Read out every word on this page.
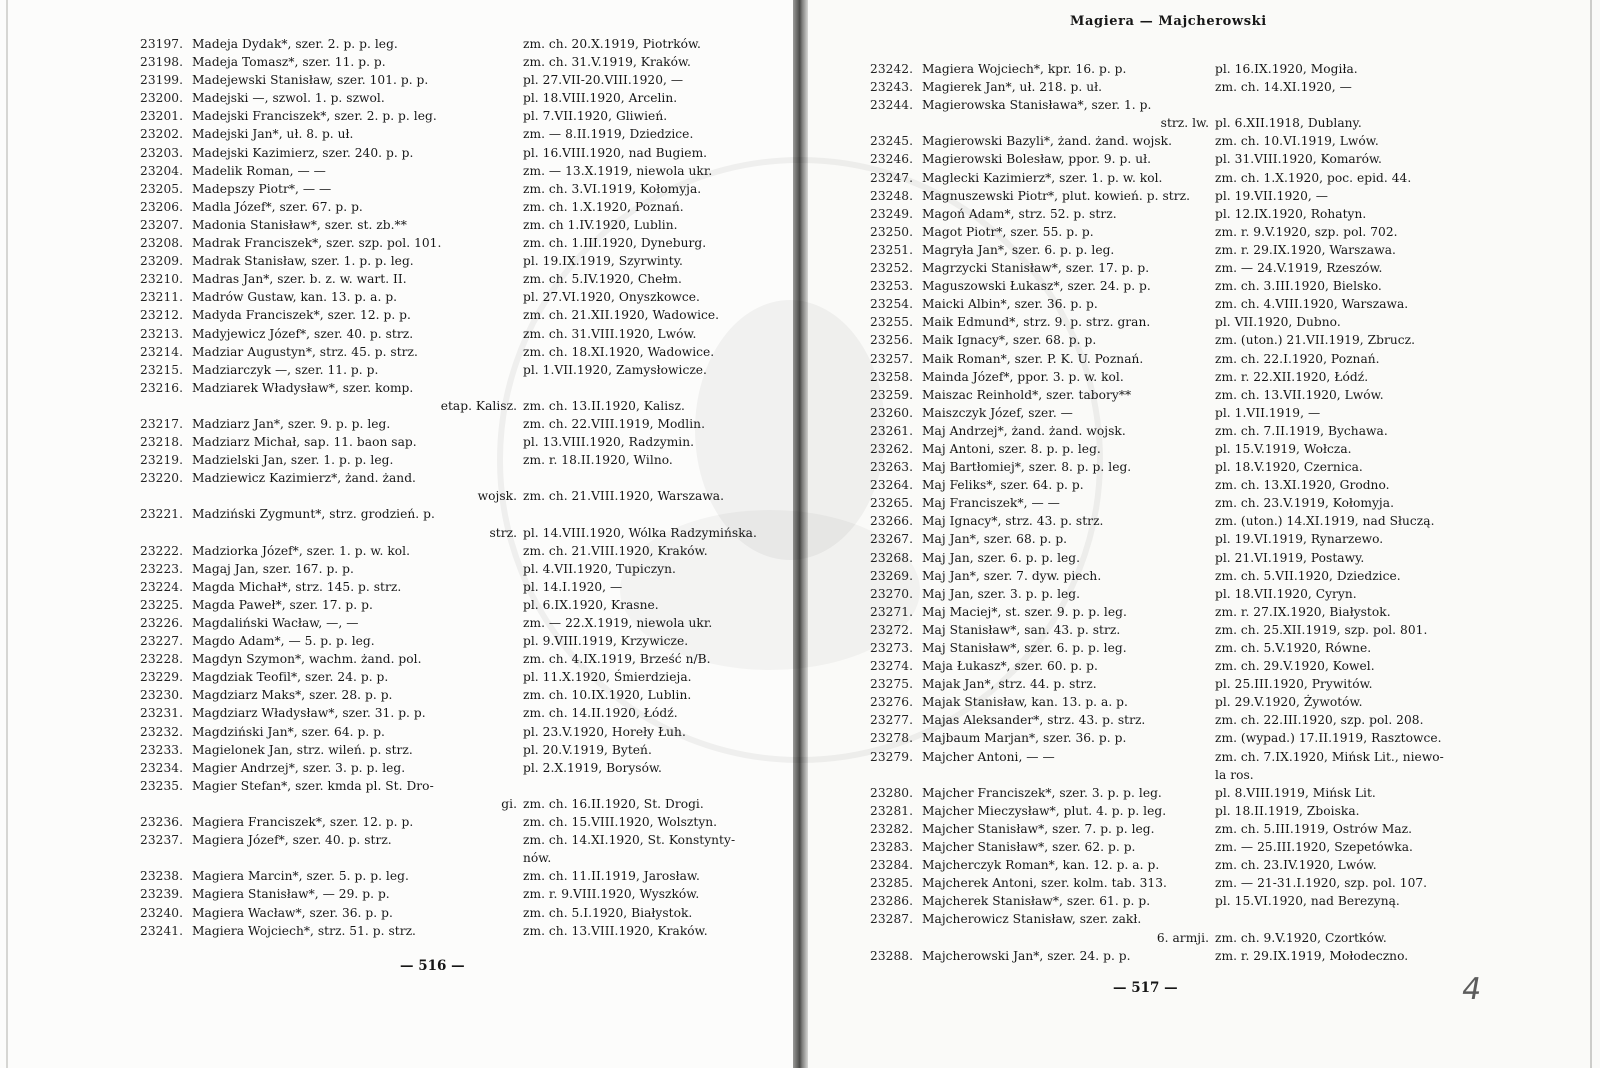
23197. Madeja Dydak*, szer. 2. p. p. leg.	zm. ch. 20.X.1919, Piotrków.
23198. Madeja Tomasz*, szer. 11. p. p.	zm. ch. 31.V.1919, Kraków.
23199. Madejewski Stanisław, szer. 101. p. p.	pl. 27.VII-20.VIII.1920, —
23200. Madejski —, szwol. 1. p. szwol.	pl. 18.VIII.1920, Arcelin.
23201. Madejski Franciszek*, szer. 2. p. p. leg.	pl. 7.VII.1920, Gliwień.
23202. Madejski Jan*, uł. 8. p. uł.	zm. — 8.II.1919, Dziedzice.
23203. Madejski Kazimierz, szer. 240. p. p.	pl. 16.VIII.1920, nad Bugiem.
23204. Madelik Roman, — —	zm. — 13.X.1919, niewola ukr.
23205. Madepszy Piotr*, — —	zm. ch. 3.VI.1919, Kołomyja.
23206. Madla Józef*, szer. 67. p. p.	zm. ch. 1.X.1920, Poznań.
23207. Madonia Stanisław*, szer. st. zb.**	zm. ch 1.IV.1920, Lublin.
23208. Madrak Franciszek*, szer. szp. pol. 101.	zm. ch. 1.III.1920, Dyneburg.
23209. Madrak Stanisław, szer. 1. p. p. leg.	pl. 19.IX.1919, Szyrwinty.
23210. Madras Jan*, szer. b. z. w. wart. II.	zm. ch. 5.IV.1920, Chełm.
23211. Madrów Gustaw, kan. 13. p. a. p.	pl. 27.VI.1920, Onyszkowce.
23212. Madyda Franciszek*, szer. 12. p. p.	zm. ch. 21.XII.1920, Wadowice.
23213. Madyjewicz Józef*, szer. 40. p. strz.	zm. ch. 31.VIII.1920, Lwów.
23214. Madziar Augustyn*, strz. 45. p. strz.	zm. ch. 18.XI.1920, Wadowice.
23215. Madziarczyk —, szer. 11. p. p.	pl. 1.VII.1920, Zamysłowicze.
23216. Madziarek Władysław*, szer. komp.
etap. Kalisz. zm. ch. 13.II.1920, Kalisz.
23217. Madziarz Jan*, szer. 9. p. p. leg.	zm. ch. 22.VIII.1919, Modlin.
23218. Madziarz Michał, sap. 11. baon sap.	pl. 13.VIII.1920, Radzymin.
23219. Madzielski Jan, szer. 1. p. p. leg.	zm. r. 18.II.1920, Wilno.
23220. Madziewicz Kazimierz*, żand. żand.
wojsk. zm. ch. 21.VIII.1920, Warszawa.
23221. Madziński Zygmunt*, strz. grodzień. p.
strz. pl. 14.VIII.1920, Wólka Radzymińska.
23222. Madziorka Józef*, szer. 1. p. w. kol.	zm. ch. 21.VIII.1920, Kraków.
23223. Magaj Jan, szer. 167. p. p.	pl. 4.VII.1920, Tupiczyn.
23224. Magda Michał*, strz. 145. p. strz.	pl. 14.I.1920, —
23225. Magda Paweł*, szer. 17. p. p.	pl. 6.IX.1920, Krasne.
23226. Magdaliński Wacław, —, —	zm. — 22.X.1919, niewola ukr.
23227. Magdo Adam*, — 5. p. p. leg.	pl. 9.VIII.1919, Krzywicze.
23228. Magdyn Szymon*, wachm. żand. pol.	zm. ch. 4.IX.1919, Brześć n/B.
23229. Magdziak Teofil*, szer. 24. p. p.	pl. 11.X.1920, Śmierdzieja.
23230. Magdziarz Maks*, szer. 28. p. p.	zm. ch. 10.IX.1920, Lublin.
23231. Magdziarz Władysław*, szer. 31. p. p.	zm. ch. 14.II.1920, Łódź.
23232. Magdziński Jan*, szer. 64. p. p.	pl. 23.V.1920, Horeły Łuh.
23233. Magielonek Jan, strz. wileń. p. strz.	pl. 20.V.1919, Byteń.
23234. Magier Andrzej*, szer. 3. p. p. leg.	pl. 2.X.1919, Borysów.
23235. Magier Stefan*, szer. kmda pl. St. Dro-
gi. zm. ch. 16.II.1920, St. Drogi.
23236. Magiera Franciszek*, szer. 12. p. p.	zm. ch. 15.VIII.1920, Wolsztyn.
23237. Magiera Józef*, szer. 40. p. strz.	zm. ch. 14.XI.1920, St. Konstynty-
nów.
23238. Magiera Marcin*, szer. 5. p. p. leg.	zm. ch. 11.II.1919, Jarosław.
23239. Magiera Stanisław*, — 29. p. p.	zm. r. 9.VIII.1920, Wyszków.
23240. Magiera Wacław*, szer. 36. p. p.	zm. ch. 5.I.1920, Białystok.
23241. Magiera Wojciech*, strz. 51. p. strz.	zm. ch. 13.VIII.1920, Kraków.
— 516 —
Magiera — Majcherowski
23242. Magiera Wojciech*, kpr. 16. p. p.	pl. 16.IX.1920, Mogiła.
23243. Magierek Jan*, uł. 218. p. uł.	zm. ch. 14.XI.1920, —
23244. Magierowska Stanisława*, szer. 1. p.
strz. lw. pl. 6.XII.1918, Dublany.
23245. Magierowski Bazyli*, żand. żand. wojsk.	zm. ch. 10.VI.1919, Lwów.
23246. Magierowski Bolesław, ppor. 9. p. uł.	pl. 31.VIII.1920, Komarów.
23247. Maglecki Kazimierz*, szer. 1. p. w. kol.	zm. ch. 1.X.1920, poc. epid. 44.
23248. Magnuszewski Piotr*, plut. kowień. p. strz.	pl. 19.VII.1920, —
23249. Magoń Adam*, strz. 52. p. strz.	pl. 12.IX.1920, Rohatyn.
23250. Magot Piotr*, szer. 55. p. p.	zm. r. 9.V.1920, szp. pol. 702.
23251. Magryła Jan*, szer. 6. p. p. leg.	zm. r. 29.IX.1920, Warszawa.
23252. Magrzycki Stanisław*, szer. 17. p. p.	zm. — 24.V.1919, Rzeszów.
23253. Maguszowski Łukasz*, szer. 24. p. p.	zm. ch. 3.III.1920, Bielsko.
23254. Maicki Albin*, szer. 36. p. p.	zm. ch. 4.VIII.1920, Warszawa.
23255. Maik Edmund*, strz. 9. p. strz. gran.	pl. VII.1920, Dubno.
23256. Maik Ignacy*, szer. 68. p. p.	zm. (uton.) 21.VII.1919, Zbrucz.
23257. Maik Roman*, szer. P. K. U. Poznań.	zm. ch. 22.I.1920, Poznań.
23258. Mainda Józef*, ppor. 3. p. w. kol.	zm. r. 22.XII.1920, Łódź.
23259. Maiszac Reinhold*, szer. tabory**	zm. ch. 13.VII.1920, Lwów.
23260. Maiszczyk Józef, szer. —	pl. 1.VII.1919, —
23261. Maj Andrzej*, żand. żand. wojsk.	zm. ch. 7.II.1919, Bychawa.
23262. Maj Antoni, szer. 8. p. p. leg.	pl. 15.V.1919, Wołcza.
23263. Maj Bartłomiej*, szer. 8. p. p. leg.	pl. 18.V.1920, Czernica.
23264. Maj Feliks*, szer. 64. p. p.	zm. ch. 13.XI.1920, Grodno.
23265. Maj Franciszek*, — —	zm. ch. 23.V.1919, Kołomyja.
23266. Maj Ignacy*, strz. 43. p. strz.	zm. (uton.) 14.XI.1919, nad Słuczą.
23267. Maj Jan*, szer. 68. p. p.	pl. 19.VI.1919, Rynarzewo.
23268. Maj Jan, szer. 6. p. p. leg.	pl. 21.VI.1919, Postawy.
23269. Maj Jan*, szer. 7. dyw. piech.	zm. ch. 5.VII.1920, Dziedzice.
23270. Maj Jan, szer. 3. p. p. leg.	pl. 18.VII.1920, Cyryn.
23271. Maj Maciej*, st. szer. 9. p. p. leg.	zm. r. 27.IX.1920, Białystok.
23272. Maj Stanisław*, san. 43. p. strz.	zm. ch. 25.XII.1919, szp. pol. 801.
23273. Maj Stanisław*, szer. 6. p. p. leg.	zm. ch. 5.V.1920, Równe.
23274. Maja Łukasz*, szer. 60. p. p.	zm. ch. 29.V.1920, Kowel.
23275. Majak Jan*, strz. 44. p. strz.	pl. 25.III.1920, Prywitów.
23276. Majak Stanisław, kan. 13. p. a. p.	pl. 29.V.1920, Żywotów.
23277. Majas Aleksander*, strz. 43. p. strz.	zm. ch. 22.III.1920, szp. pol. 208.
23278. Majbaum Marjan*, szer. 36. p. p.	zm. (wypad.) 17.II.1919, Rasztowce.
23279. Majcher Antoni, — —	zm. ch. 7.IX.1920, Mińsk Lit., niewo-
la ros.
23280. Majcher Franciszek*, szer. 3. p. p. leg.	pl. 8.VIII.1919, Mińsk Lit.
23281. Majcher Mieczysław*, plut. 4. p. p. leg.	pl. 18.II.1919, Zboiska.
23282. Majcher Stanisław*, szer. 7. p. p. leg.	zm. ch. 5.III.1919, Ostrów Maz.
23283. Majcher Stanisław*, szer. 62. p. p.	zm. — 25.III.1920, Szepetówka.
23284. Majcherczyk Roman*, kan. 12. p. a. p.	zm. ch. 23.IV.1920, Lwów.
23285. Majcherek Antoni, szer. kolm. tab. 313.	zm. — 21-31.I.1920, szp. pol. 107.
23286. Majcherek Stanisław*, szer. 61. p. p.	pl. 15.VI.1920, nad Berezyną.
23287. Majcherowicz Stanisław, szer. zakł.
6. armji. zm. ch. 9.V.1920, Czortków.
23288. Majcherowski Jan*, szer. 24. p. p.	zm. r. 29.IX.1919, Mołodeczno.
— 517 —	4
